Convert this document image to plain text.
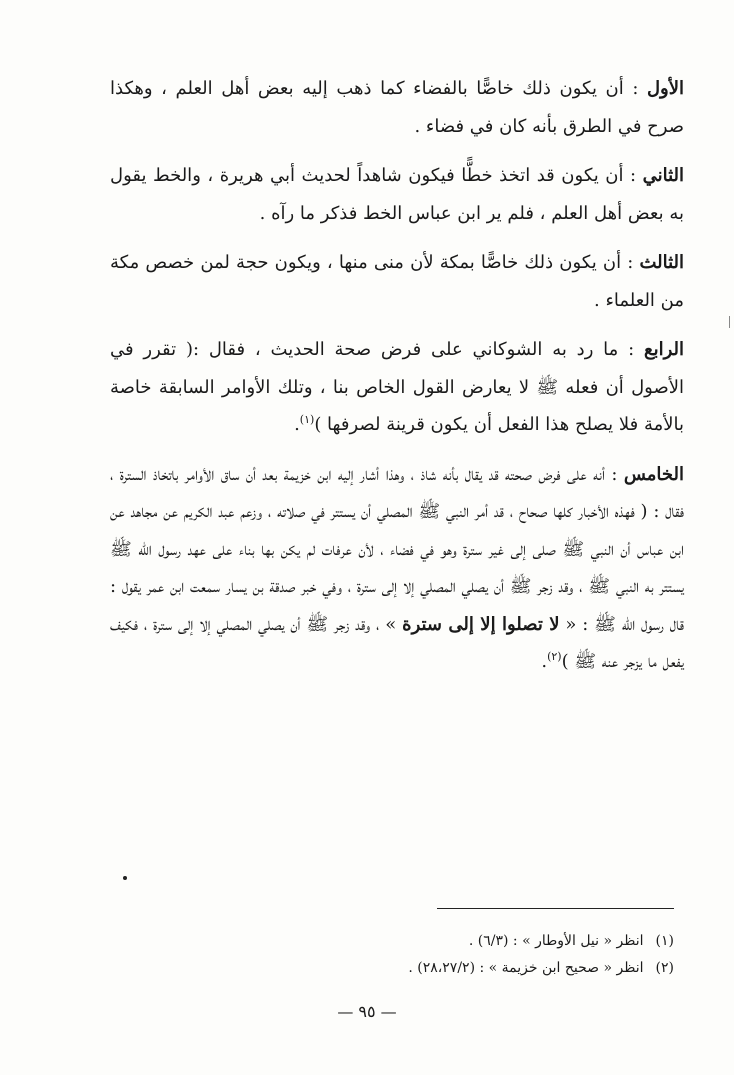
الأول : أن يكون ذلك خاصًّا بالفضاء كما ذهب إليه بعض أهل العلم ، وهكذا صرح في الطرق بأنه كان في فضاء .

الثاني : أن يكون قد اتخذ خطًّا فيكون شاهداً لحديث أبي هريرة ، والخط يقول به بعض أهل العلم ، فلم ير ابن عباس الخط فذكر ما رآه .

الثالث : أن يكون ذلك خاصًّا بمكة لأن منى منها ، ويكون حجة لمن خصص مكة من العلماء .

الرابع : ما رد به الشوكاني على فرض صحة الحديث ، فقال :( تقرر في الأصول أن فعله ﷺ لا يعارض القول الخاص بنا ، وتلك الأوامر السابقة خاصة بالأمة فلا يصلح هذا الفعل أن يكون قرينة لصرفها )$^{(١)}$.

الخامس : أنه على فرض صحته قد يقال بأنه شاذ ، وهذا أشار إليه ابن خزيمة بعد أن ساق الأوامر باتخاذ السترة ، فقال : ( فهذه الأخبار كلها صحاح ، قد أمر النبي ﷺ المصلي أن يستتر في صلاته ، وزعم عبد الكريم عن مجاهد عن ابن عباس أن النبي ﷺ صلى إلى غير سترة وهو في فضاء ، لأن عرفات لم يكن بها بناء على عهد رسول الله ﷺ يستتر به النبي ﷺ ، وقد زجر ﷺ أن يصلي المصلي إلا إلى سترة ، وفي خبر صدقة بن يسار سمعت ابن عمر يقول : قال رسول الله ﷺ : « لا تصلوا إلا إلى سترة » ، وقد زجر ﷺ أن يصلي المصلي إلا إلى سترة ، فكيف يفعل ما يزجر عنه ﷺ )$^{(٢)}$.

(١)انظر « نيل الأوطار » : (٦/٣) .

(٢)انظر « صحيح ابن خزيمة » : (٢٨،٢٧/٢) .

— ٩٥ —
